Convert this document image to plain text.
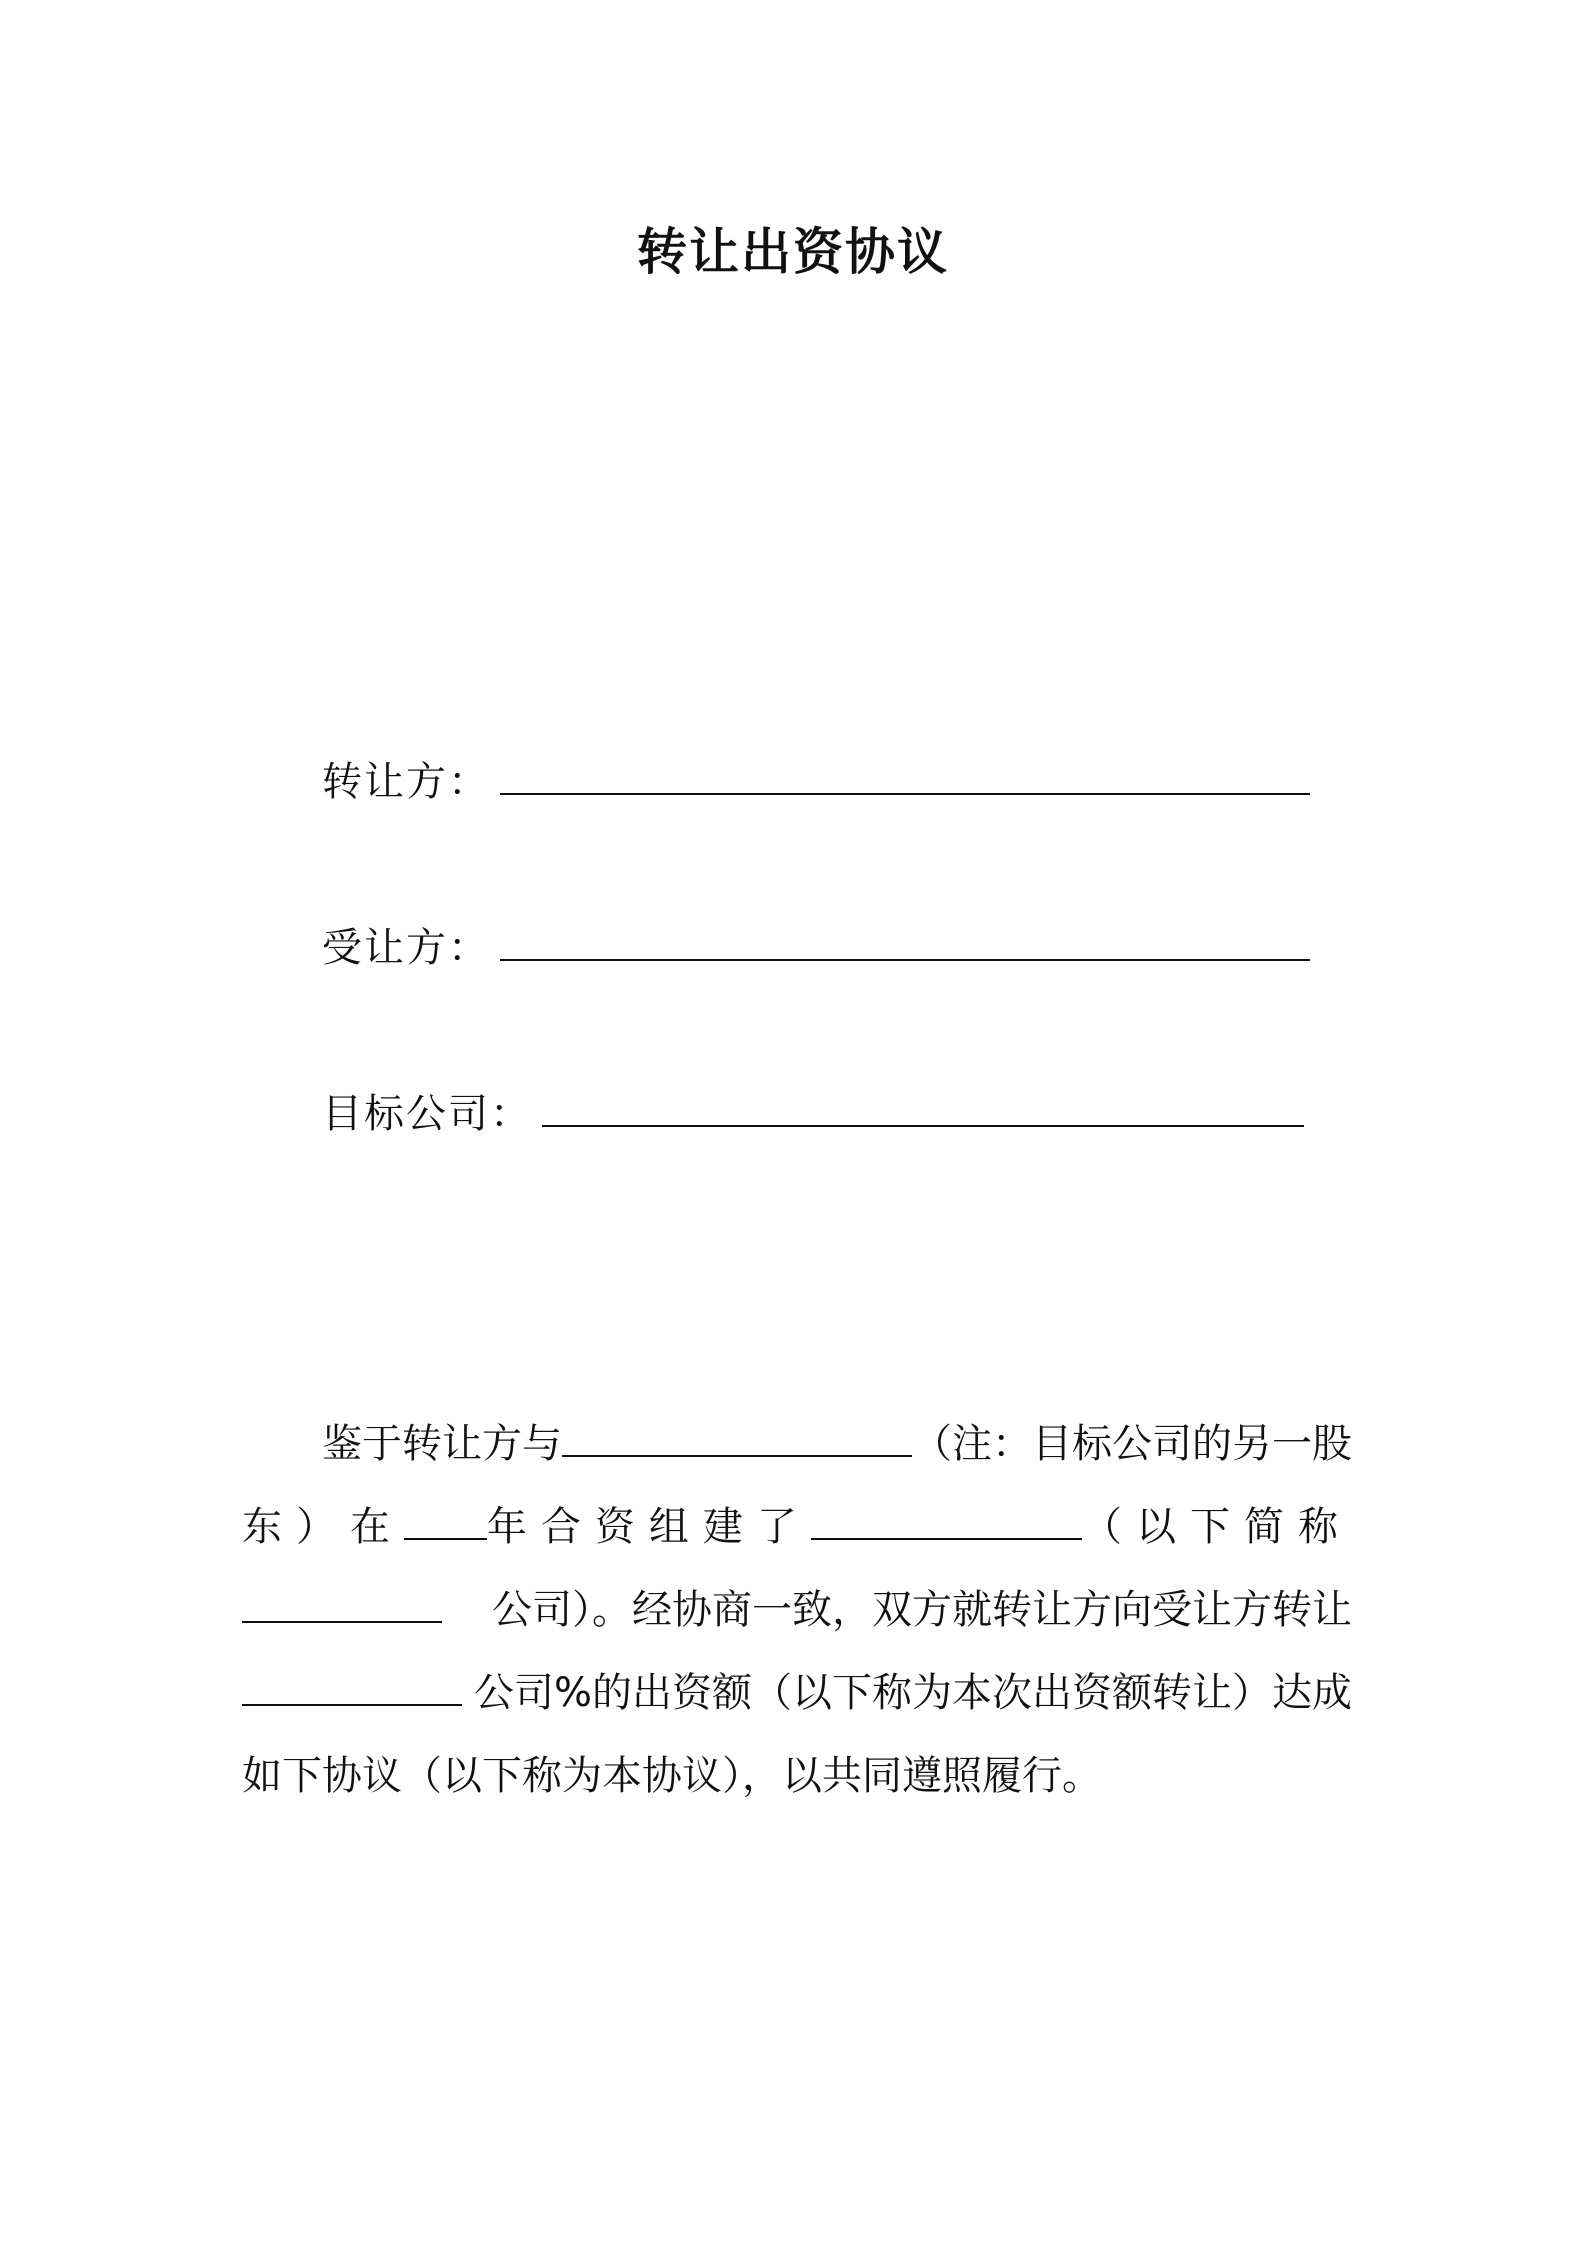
转让出资协议
转让方：
受让方：
目标公司：
鉴于转让方与	（注：目标公司的另一股
东）在 年合资组建了	（以下简称
公司）。经协商一致，双方就转让方向受让方转让
公司%的出资额（以下称为本次出资额转让）达成
如下协议（以下称为本协议），以共同遵照履行。
